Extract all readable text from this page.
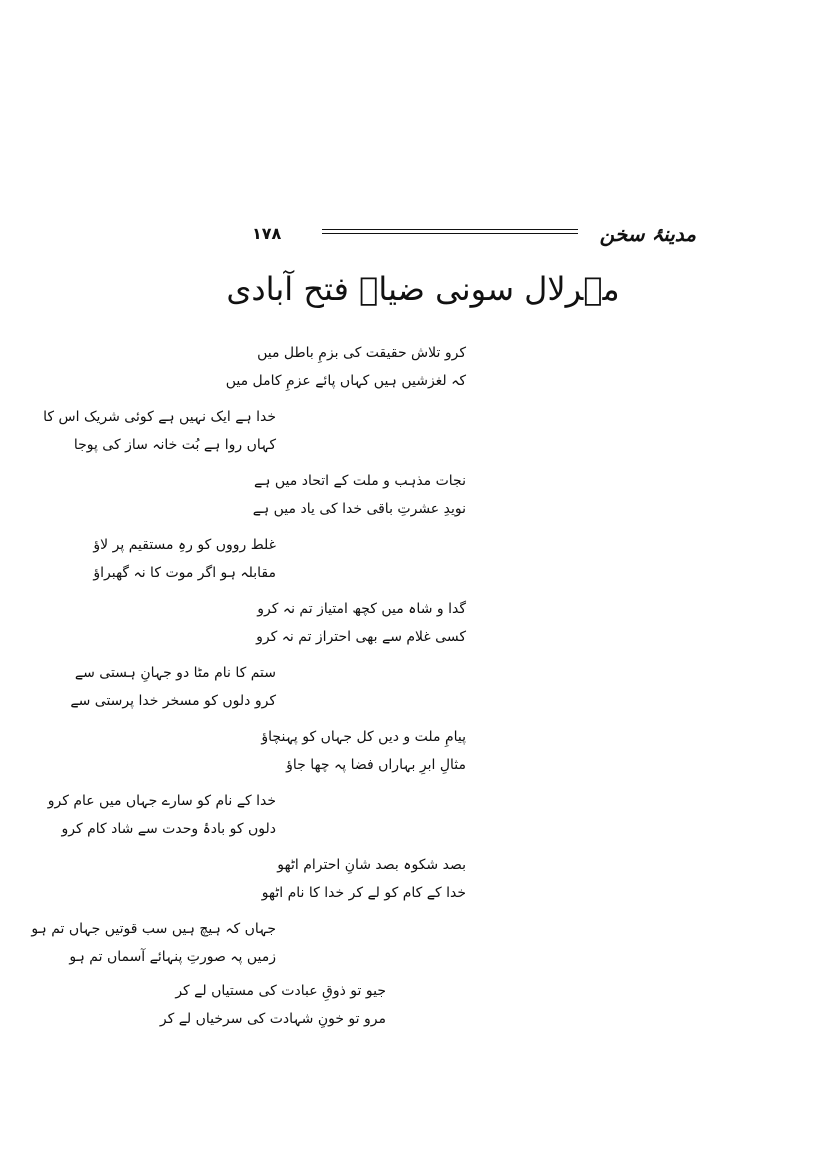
مدینۂ سخن
۱۷۸
مہرلال سونی ضیاؔ فتح آبادی
کرو تلاش حقیقت کی بزمِ باطل میں
کہ لغزشیں ہیں کہاں پائے عزمِ کامل میں
خدا ہے ایک نہیں ہے کوئی شریک اس کا
کہاں روا ہے بُت خانہ ساز کی پوجا
نجات مذہب و ملت کے اتحاد میں ہے
نویدِ عشرتِ باقی خدا کی یاد میں ہے
غلط رووں کو رہِ مستقیم پر لاؤ
مقابلہ ہو اگر موت کا نہ گھبراؤ
گدا و شاہ میں کچھ امتیاز تم نہ کرو
کسی غلام سے بھی احتراز تم نہ کرو
ستم کا نام مٹا دو جہانِ ہستی سے
کرو دلوں کو مسخر خدا پرستی سے
پیامِ ملت و دیں کل جہاں کو پہنچاؤ
مثالِ ابرِ بہاراں فضا پہ چھا جاؤ
خدا کے نام کو سارے جہاں میں عام کرو
دلوں کو بادۂ وحدت سے شاد کام کرو
بصد شکوہ بصد شانِ احترام اٹھو
خدا کے کام کو لے کر خدا کا نام اٹھو
جہاں کہ ہیچ ہیں سب قوتیں جہاں تم ہو
زمیں پہ صورتِ پنہائے آسماں تم ہو
جیو تو ذوقِ عبادت کی مستیاں لے کر
مرو تو خونِ شہادت کی سرخیاں لے کر
